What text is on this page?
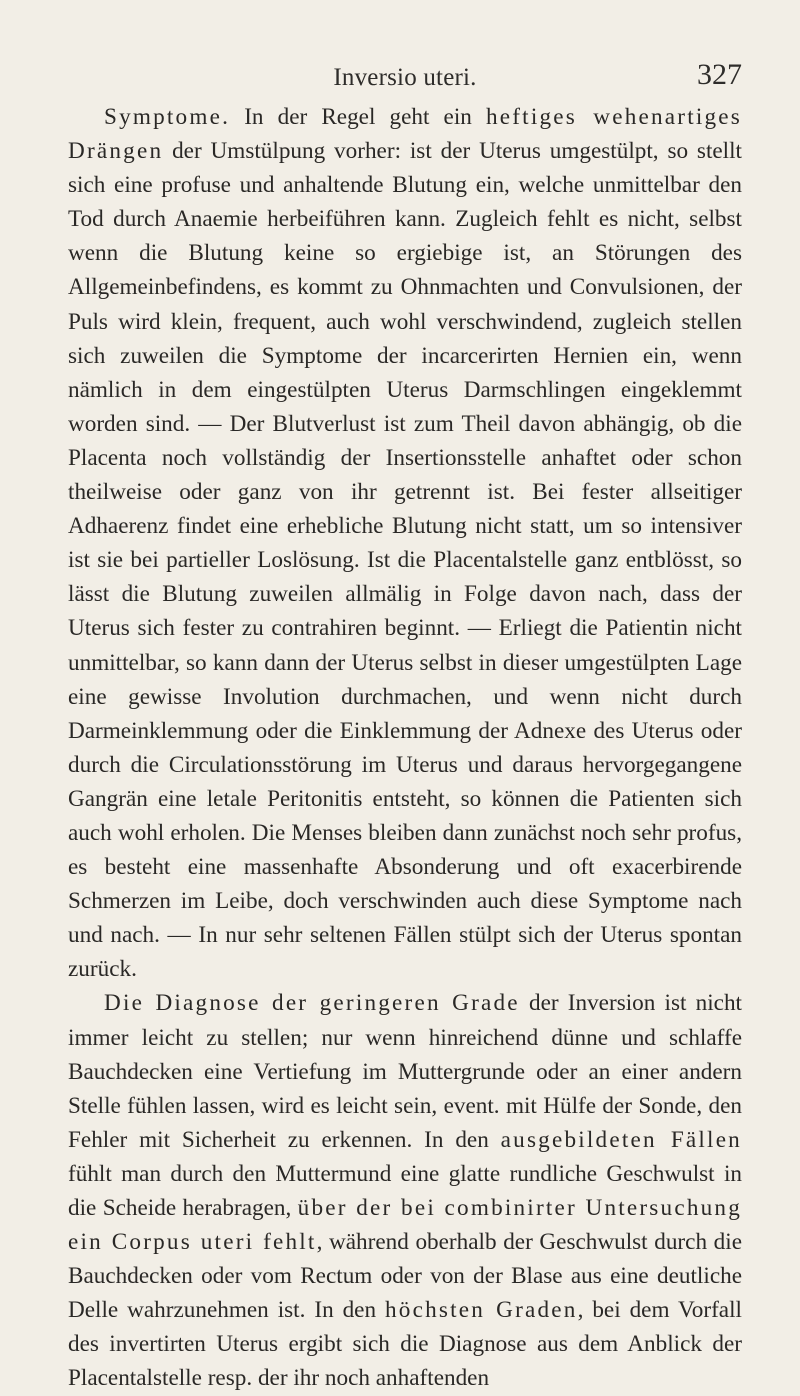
Inversio uteri.	327

Symptome. In der Regel geht ein heftiges wehenartiges Drängen der Umstülpung vorher: ist der Uterus umgestülpt, so stellt sich eine profuse und anhaltende Blutung ein, welche unmittelbar den Tod durch Anaemie herbeiführen kann. Zugleich fehlt es nicht, selbst wenn die Blutung keine so ergiebige ist, an Störungen des Allgemeinbefindens, es kommt zu Ohnmachten und Convulsionen, der Puls wird klein, frequent, auch wohl verschwindend, zugleich stellen sich zuweilen die Symptome der incarcerirten Hernien ein, wenn nämlich in dem eingestülpten Uterus Darmschlingen eingeklemmt worden sind. — Der Blutverlust ist zum Theil davon abhängig, ob die Placenta noch vollständig der Insertionsstelle anhaftet oder schon theilweise oder ganz von ihr getrennt ist. Bei fester allseitiger Adhaerenz findet eine erhebliche Blutung nicht statt, um so intensiver ist sie bei partieller Loslösung. Ist die Placentalstelle ganz entblösst, so lässt die Blutung zuweilen allmälig in Folge davon nach, dass der Uterus sich fester zu contrahiren beginnt. — Erliegt die Patientin nicht unmittelbar, so kann dann der Uterus selbst in dieser umgestülpten Lage eine gewisse Involution durchmachen, und wenn nicht durch Darmeinklemmung oder die Einklemmung der Adnexe des Uterus oder durch die Circulationsstörung im Uterus und daraus hervorgegangene Gangrän eine letale Peritonitis entsteht, so können die Patienten sich auch wohl erholen. Die Menses bleiben dann zunächst noch sehr profus, es besteht eine massenhafte Absonderung und oft exacerbirende Schmerzen im Leibe, doch verschwinden auch diese Symptome nach und nach. — In nur sehr seltenen Fällen stülpt sich der Uterus spontan zurück.

Die Diagnose der geringeren Grade der Inversion ist nicht immer leicht zu stellen; nur wenn hinreichend dünne und schlaffe Bauchdecken eine Vertiefung im Muttergrunde oder an einer andern Stelle fühlen lassen, wird es leicht sein, event. mit Hülfe der Sonde, den Fehler mit Sicherheit zu erkennen. In den ausgebildeten Fällen fühlt man durch den Muttermund eine glatte rundliche Geschwulst in die Scheide herabragen, über der bei combinirter Untersuchung ein Corpus uteri fehlt, während oberhalb der Geschwulst durch die Bauchdecken oder vom Rectum oder von der Blase aus eine deutliche Delle wahrzunehmen ist. In den höchsten Graden, bei dem Vorfall des invertirten Uterus ergibt sich die Diagnose aus dem Anblick der Placentalstelle resp. der ihr noch anhaftenden
